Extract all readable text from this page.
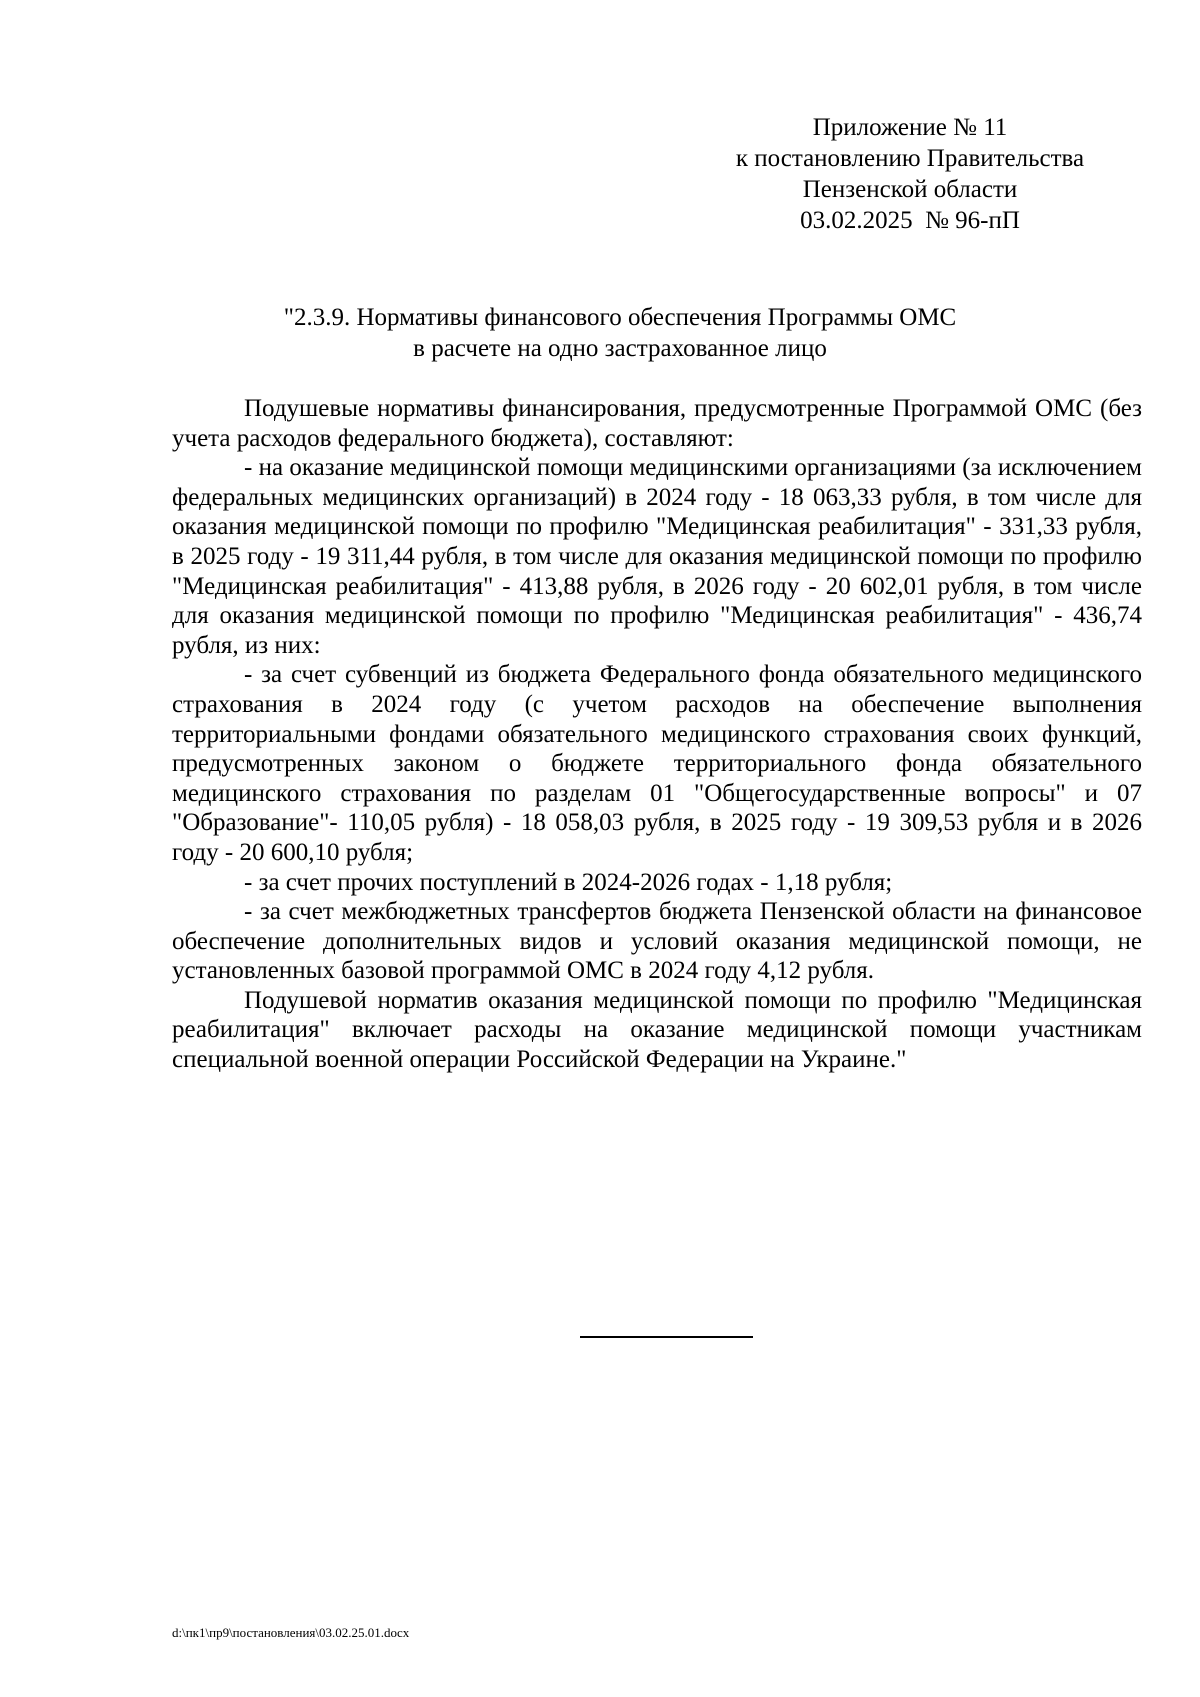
Приложение № 11
к постановлению Правительства
Пензенской области
03.02.2025  № 96-пП
"2.3.9. Нормативы финансового обеспечения Программы ОМС
в расчете на одно застрахованное лицо

Подушевые нормативы финансирования, предусмотренные Программой ОМС (без учета расходов федерального бюджета), составляют:

- на оказание медицинской помощи медицинскими организациями (за исключением федеральных медицинских организаций) в 2024 году - 18 063,33 рубля, в том числе для оказания медицинской помощи по профилю "Медицинская реабилитация" - 331,33 рубля, в 2025 году - 19 311,44 рубля, в том числе для оказания медицинской помощи по профилю "Медицинская реабилитация" - 413,88 рубля, в 2026 году - 20 602,01 рубля, в том числе для оказания медицинской помощи по профилю "Медицинская реабилитация" - 436,74 рубля, из них:

- за счет субвенций из бюджета Федерального фонда обязательного медицинского страхования в 2024 году (с учетом расходов на обеспечение выполнения территориальными фондами обязательного медицинского страхования своих функций, предусмотренных законом о бюджете территориального фонда обязательного медицинского страхования по разделам 01 "Общегосударственные вопросы" и 07 "Образование"- 110,05 рубля) - 18 058,03 рубля, в 2025 году - 19 309,53 рубля и в 2026 году - 20 600,10 рубля;

- за счет прочих поступлений в 2024-2026 годах - 1,18 рубля;

- за счет межбюджетных трансфертов бюджета Пензенской области на финансовое обеспечение дополнительных видов и условий оказания медицинской помощи, не установленных базовой программой ОМС в 2024 году 4,12 рубля.

Подушевой норматив оказания медицинской помощи по профилю "Медицинская реабилитация" включает расходы на оказание медицинской помощи участникам специальной военной операции Российской Федерации на Украине."

d:\пк1\пр9\постановления\03.02.25.01.docx
